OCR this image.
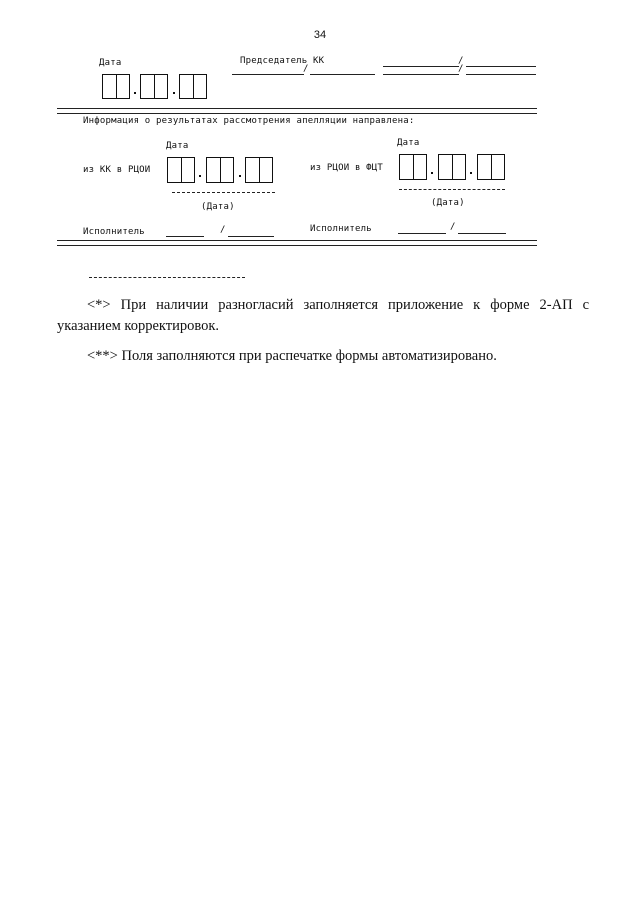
34
Дата	Председатель КК	/
/	/
Информация о результатах рассмотрения апелляции направлена:
Дата
из КК в РЦОИ
(Дата)
Дата
из РЦОИ в ФЦТ
(Дата)
Исполнитель	/	Исполнитель	/
<*> При наличии разногласий заполняется приложение к форме 2-АП с указанием корректировок.
<**> Поля заполняются при распечатке формы автоматизировано.
